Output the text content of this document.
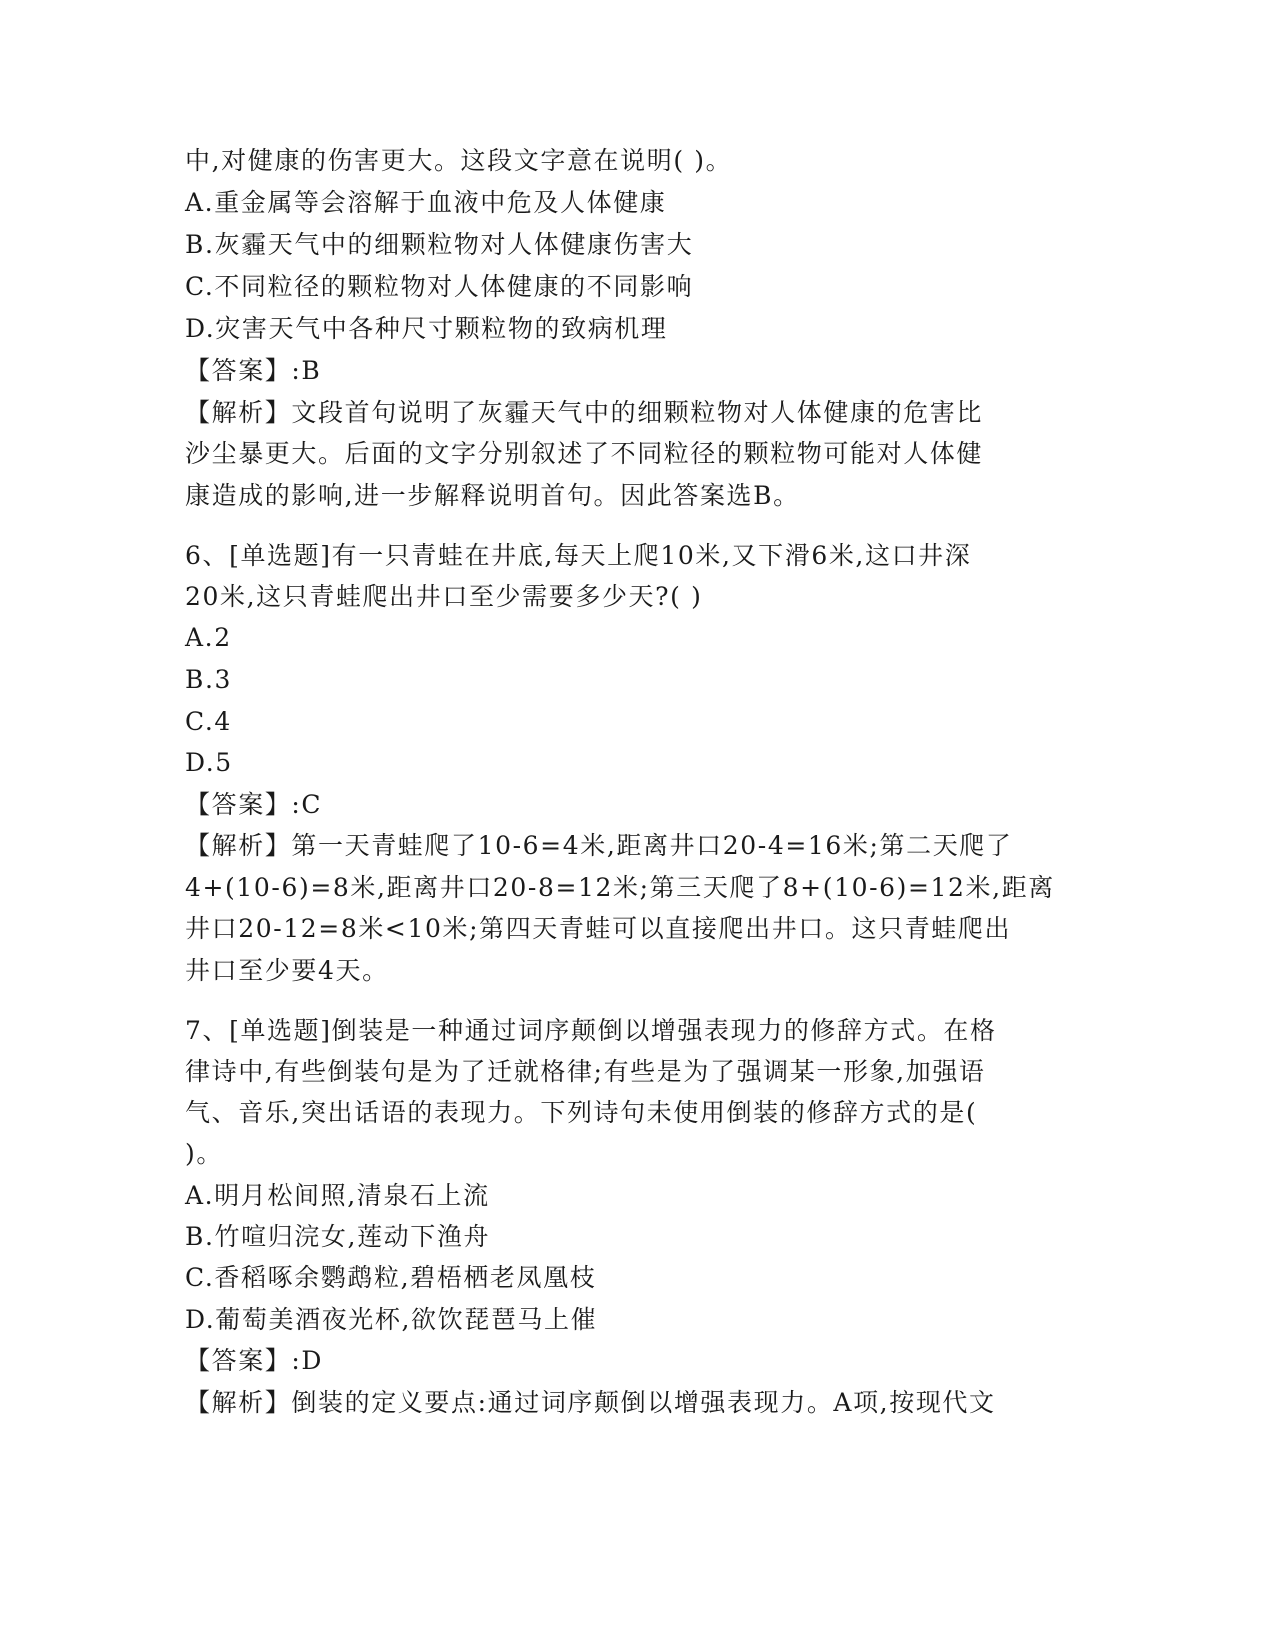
中,对健康的伤害更大。这段文字意在说明( )。
A.重金属等会溶解于血液中危及人体健康
B.灰霾天气中的细颗粒物对人体健康伤害大
C.不同粒径的颗粒物对人体健康的不同影响
D.灾害天气中各种尺寸颗粒物的致病机理
【答案】:B
【解析】文段首句说明了灰霾天气中的细颗粒物对人体健康的危害比
沙尘暴更大。后面的文字分别叙述了不同粒径的颗粒物可能对人体健
康造成的影响,进一步解释说明首句。因此答案选B。
6、[单选题]有一只青蛙在井底,每天上爬10米,又下滑6米,这口井深
20米,这只青蛙爬出井口至少需要多少天?( )
A.2
B.3
C.4
D.5
【答案】:C
【解析】第一天青蛙爬了10-6=4米,距离井口20-4=16米;第二天爬了
4+(10-6)=8米,距离井口20-8=12米;第三天爬了8+(10-6)=12米,距离
井口20-12=8米<10米;第四天青蛙可以直接爬出井口。这只青蛙爬出
井口至少要4天。
7、[单选题]倒装是一种通过词序颠倒以增强表现力的修辞方式。在格
律诗中,有些倒装句是为了迁就格律;有些是为了强调某一形象,加强语
气、音乐,突出话语的表现力。下列诗句未使用倒装的修辞方式的是(
)。
A.明月松间照,清泉石上流
B.竹喧归浣女,莲动下渔舟
C.香稻啄余鹦鹉粒,碧梧栖老凤凰枝
D.葡萄美酒夜光杯,欲饮琵琶马上催
【答案】:D
【解析】倒装的定义要点:通过词序颠倒以增强表现力。A项,按现代文
